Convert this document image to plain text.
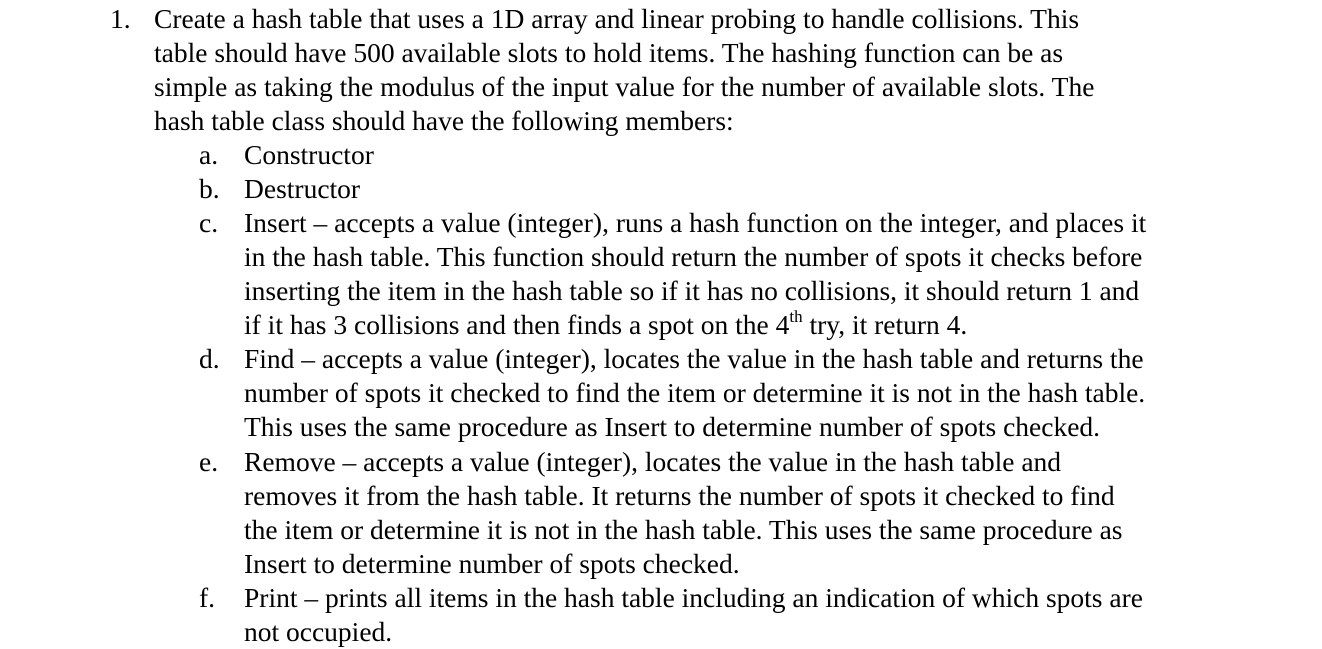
1. Create a hash table that uses a 1D array and linear probing to handle collisions. This
table should have 500 available slots to hold items. The hashing function can be as
simple as taking the modulus of the input value for the number of available slots. The
hash table class should have the following members:
a. Constructor
b. Destructor
c. Insert – accepts a value (integer), runs a hash function on the integer, and places it
in the hash table. This function should return the number of spots it checks before
inserting the item in the hash table so if it has no collisions, it should return 1 and
if it has 3 collisions and then finds a spot on the 4th try, it return 4.
d. Find – accepts a value (integer), locates the value in the hash table and returns the
number of spots it checked to find the item or determine it is not in the hash table.
This uses the same procedure as Insert to determine number of spots checked.
e. Remove – accepts a value (integer), locates the value in the hash table and
removes it from the hash table. It returns the number of spots it checked to find
the item or determine it is not in the hash table. This uses the same procedure as
Insert to determine number of spots checked.
f. Print – prints all items in the hash table including an indication of which spots are
not occupied.
